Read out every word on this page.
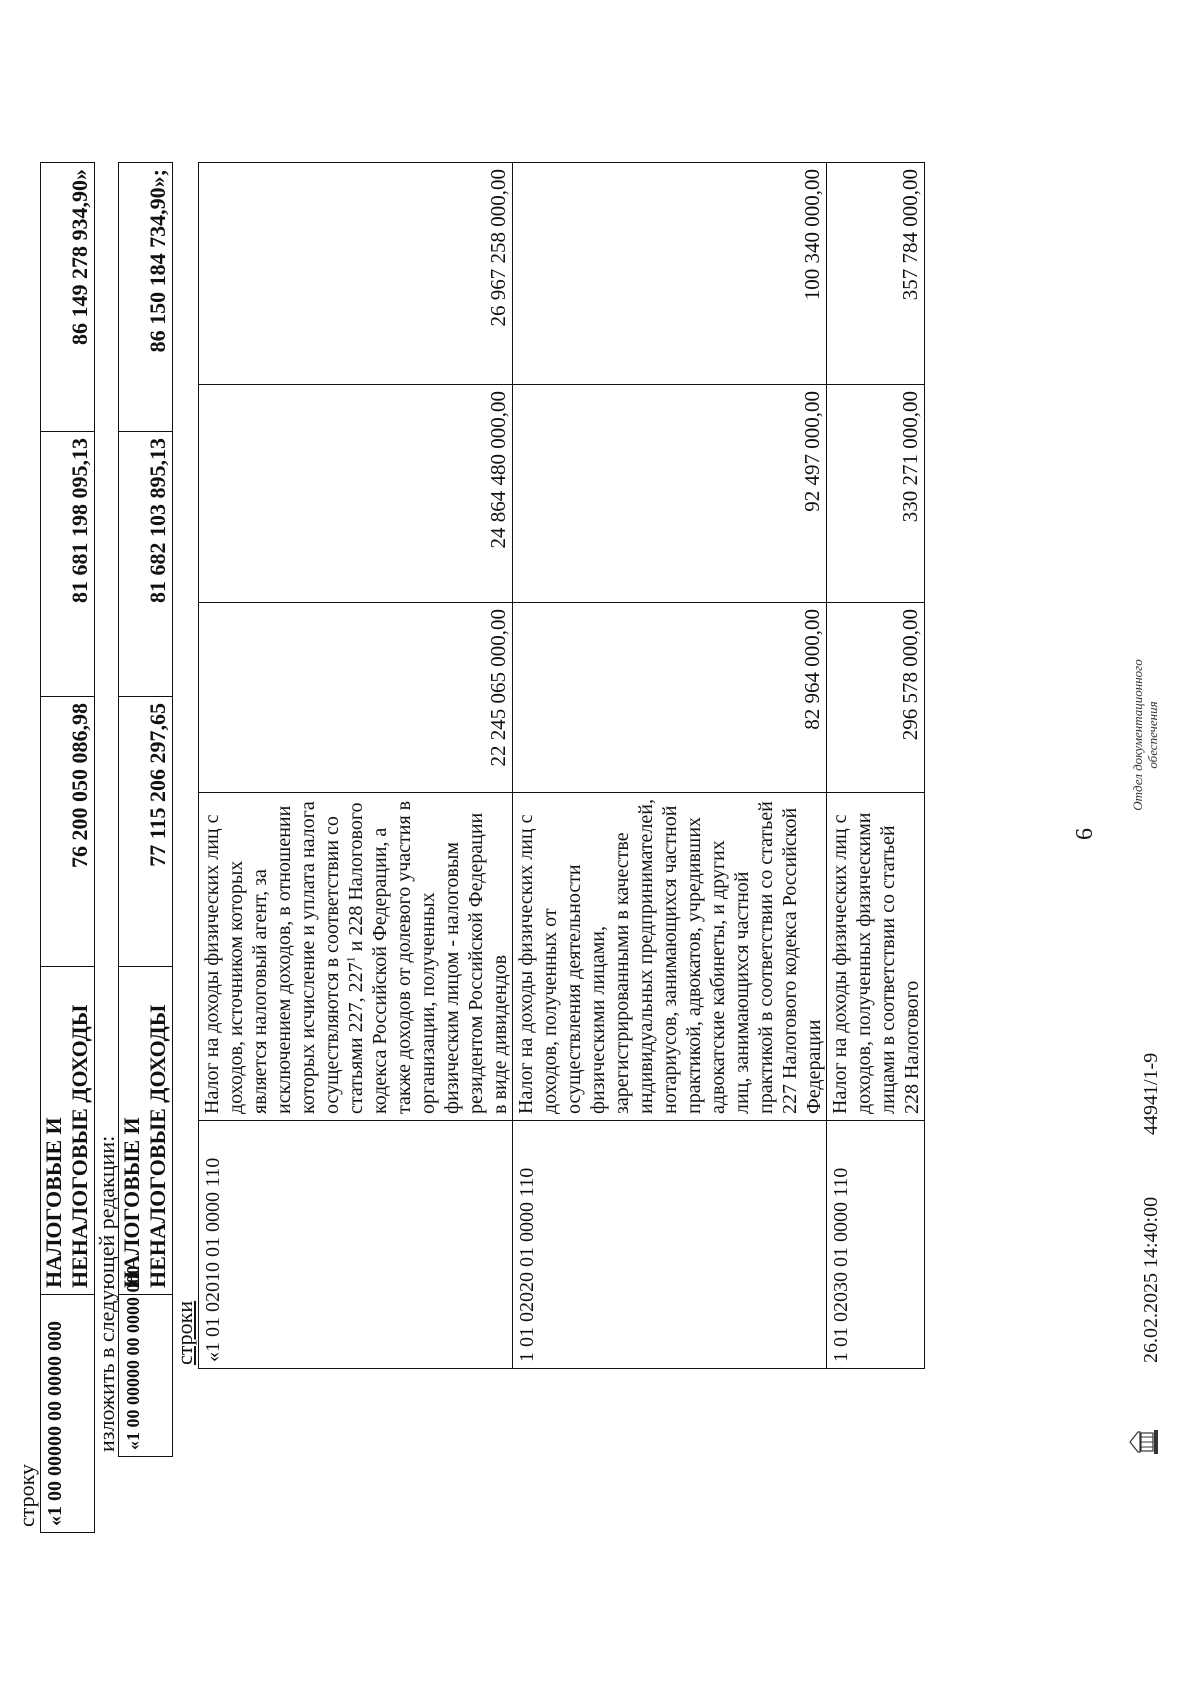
6
строку «1 00 00000 00 0000 000	НАЛОГОВЫЕ И НЕНАЛОГОВЫЕ ДОХОДЫ	76 200 050 086,98	81 681 198 095,13	86 149 278 934,90»
изложить в следующей редакции: «1 00 00000 00 0000 000	НАЛОГОВЫЕ И НЕНАЛОГОВЫЕ ДОХОДЫ	77 115 206 297,65	81 682 103 895,13	86 150 184 734,90»;
строки «1 01 02010 01 0000 110	Налог на доходы физических лиц с доходов, источником которых является налоговый агент, за исключением доходов, в отношении которых исчисление и уплата налога осуществляются в соответствии со статьями 227, $227^1$ и 228 Налогового кодекса Российской Федерации, а также доходов от долевого участия в организации, полученных физическим лицом - налоговым резидентом Российской Федерации в виде дивидендов	22 245 065 000,00	24 864 480 000,00	26 967 258 000,00
1 01 02020 01 0000 110	Налог на доходы физических лиц с доходов, полученных от осуществления деятельности физическими лицами, зарегистрированными в качестве индивидуальных предпринимателей, нотариусов, занимающихся частной практикой, адвокатов, учредивших адвокатские кабинеты, и других лиц, занимающихся частной практикой в соответствии со статьей 227 Налогового кодекса Российской Федерации	82 964 000,00	92 497 000,00	100 340 000,00
1 01 02030 01 0000 110	Налог на доходы физических лиц с доходов, полученных физическими лицами в соответствии со статьей 228 Налогового	296 578 000,00	330 271 000,00	357 784 000,00
26.02.2025 14:40:00
44941/1-9
Отдел документационного обеспечения
